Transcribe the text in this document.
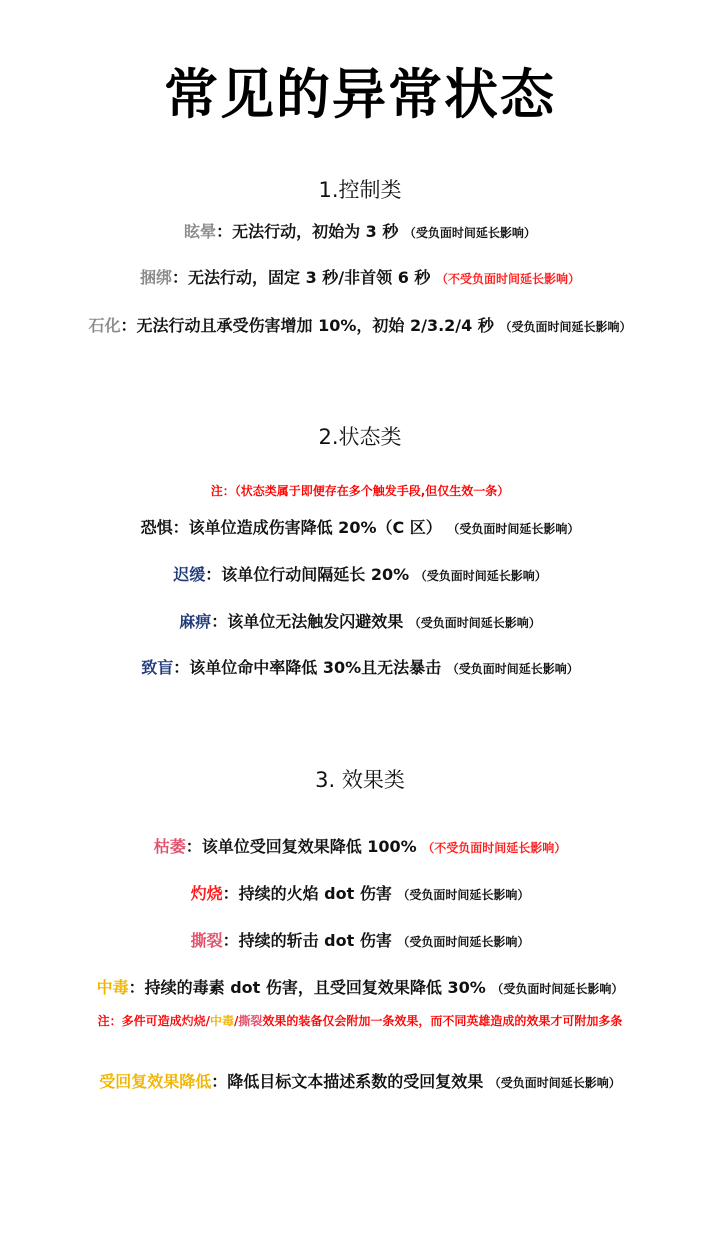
常见的异常状态
1.控制类
眩晕：无法行动，初始为 3 秒 （受负面时间延长影响）
捆绑：无法行动，固定 3 秒/非首领 6 秒 （不受负面时间延长影响）
石化：无法行动且承受伤害增加 10%，初始 2/3.2/4 秒 （受负面时间延长影响）
2.状态类
注：（状态类属于即便存在多个触发手段,但仅生效一条）
恐惧：该单位造成伤害降低 20%（C 区） （受负面时间延长影响）
迟缓：该单位行动间隔延长 20% （受负面时间延长影响）
麻痹：该单位无法触发闪避效果 （受负面时间延长影响）
致盲：该单位命中率降低 30%且无法暴击 （受负面时间延长影响）
3. 效果类
枯萎：该单位受回复效果降低 100% （不受负面时间延长影响）
灼烧：持续的火焰 dot 伤害 （受负面时间延长影响）
撕裂：持续的斩击 dot 伤害 （受负面时间延长影响）
中毒：持续的毒素 dot 伤害，且受回复效果降低 30% （受负面时间延长影响）
注：多件可造成灼烧/中毒/撕裂效果的装备仅会附加一条效果，而不同英雄造成的效果才可附加多条
受回复效果降低：降低目标文本描述系数的受回复效果 （受负面时间延长影响）
